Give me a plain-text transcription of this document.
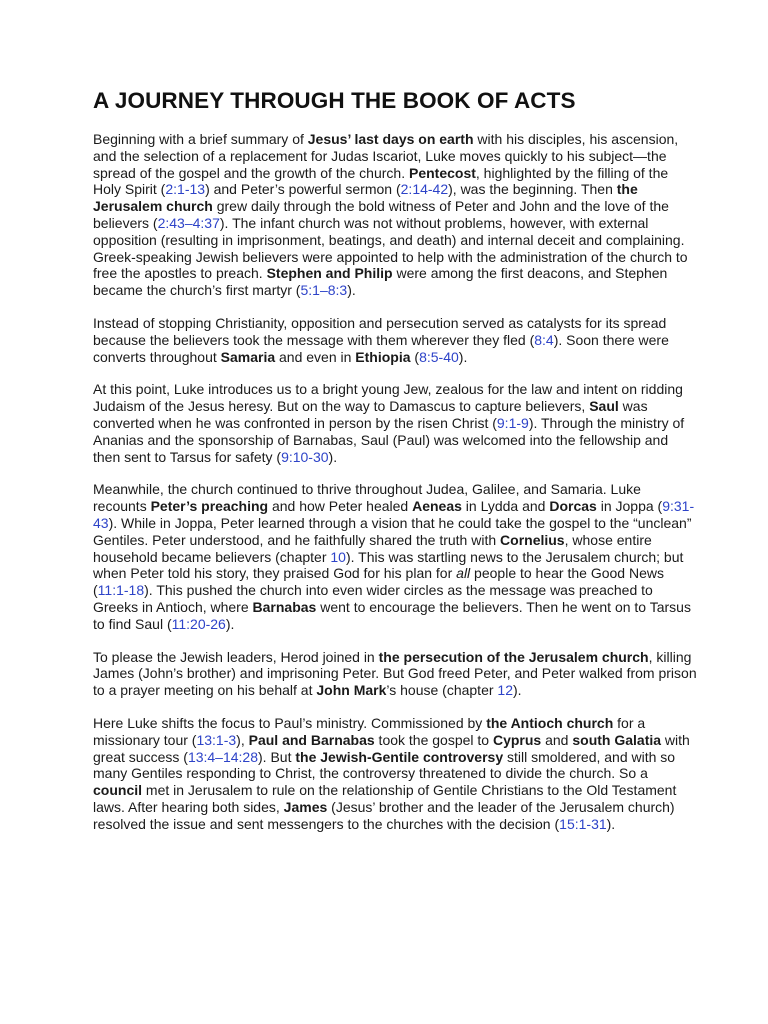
A JOURNEY THROUGH THE BOOK OF ACTS

Beginning with a brief summary of Jesus’ last days on earth with his disciples, his ascension, and the selection of a replacement for Judas Iscariot, Luke moves quickly to his subject—the spread of the gospel and the growth of the church. Pentecost, highlighted by the filling of the Holy Spirit (2:1-13) and Peter’s powerful sermon (2:14-42), was the beginning. Then the Jerusalem church grew daily through the bold witness of Peter and John and the love of the believers (2:43–4:37). The infant church was not without problems, however, with external opposition (resulting in imprisonment, beatings, and death) and internal deceit and complaining. Greek-speaking Jewish believers were appointed to help with the administration of the church to free the apostles to preach. Stephen and Philip were among the first deacons, and Stephen became the church’s first martyr (5:1–8:3).

Instead of stopping Christianity, opposition and persecution served as catalysts for its spread because the believers took the message with them wherever they fled (8:4). Soon there were converts throughout Samaria and even in Ethiopia (8:5-40).

At this point, Luke introduces us to a bright young Jew, zealous for the law and intent on ridding Judaism of the Jesus heresy. But on the way to Damascus to capture believers, Saul was converted when he was confronted in person by the risen Christ (9:1-9). Through the ministry of Ananias and the sponsorship of Barnabas, Saul (Paul) was welcomed into the fellowship and then sent to Tarsus for safety (9:10-30).

Meanwhile, the church continued to thrive throughout Judea, Galilee, and Samaria. Luke recounts Peter’s preaching and how Peter healed Aeneas in Lydda and Dorcas in Joppa (9:31-43). While in Joppa, Peter learned through a vision that he could take the gospel to the “unclean” Gentiles. Peter understood, and he faithfully shared the truth with Cornelius, whose entire household became believers (chapter 10). This was startling news to the Jerusalem church; but when Peter told his story, they praised God for his plan for all people to hear the Good News (11:1-18). This pushed the church into even wider circles as the message was preached to Greeks in Antioch, where Barnabas went to encourage the believers. Then he went on to Tarsus to find Saul (11:20-26).

To please the Jewish leaders, Herod joined in the persecution of the Jerusalem church, killing James (John’s brother) and imprisoning Peter. But God freed Peter, and Peter walked from prison to a prayer meeting on his behalf at John Mark’s house (chapter 12).

Here Luke shifts the focus to Paul’s ministry. Commissioned by the Antioch church for a missionary tour (13:1-3), Paul and Barnabas took the gospel to Cyprus and south Galatia with great success (13:4–14:28). But the Jewish-Gentile controversy still smoldered, and with so many Gentiles responding to Christ, the controversy threatened to divide the church. So a council met in Jerusalem to rule on the relationship of Gentile Christians to the Old Testament laws. After hearing both sides, James (Jesus’ brother and the leader of the Jerusalem church) resolved the issue and sent messengers to the churches with the decision (15:1-31).
